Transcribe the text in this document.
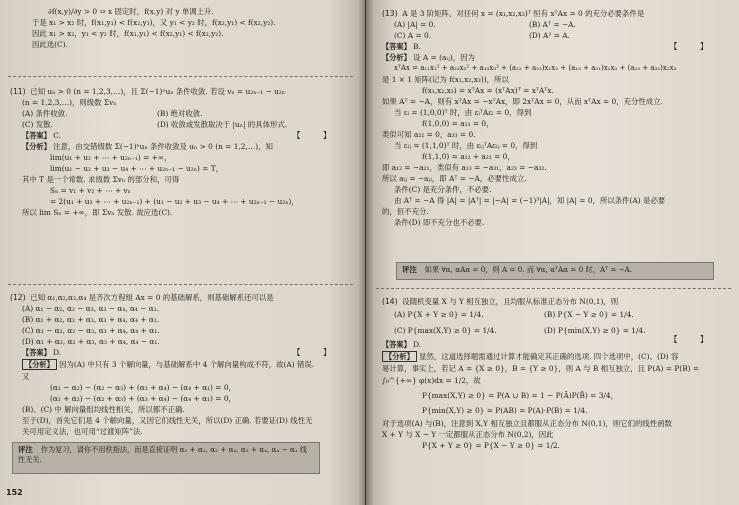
∂f(x,y)/∂y > 0 ⇒ x 固定时，f(x,y) 对 y 单调上升.
于是 x₁ > x₂ 时，f(x₁,y₁) < f(x₂,y₁)，又 y₁ < y₂ 时，f(x₂,y₁) < f(x₂,y₂).
因此 x₁ > x₂，y₁ < y₂ 时，f(x₁,y₁) < f(x₂,y₁) < f(x₂,y₂).
因此选(C).
(11) 已知 uₙ > 0 (n = 1,2,3,…)，且 Σ(−1)ⁿuₙ 条件收敛. 若设 vₙ = u₂ₙ₋₁ − u₂ₙ
(n = 1,2,3,…)，则级数 Σvₙ
(A) 条件收敛.	(B) 绝对收敛.
(C) 发散.	(D) 收敛或发散取决于 |uₙ| 的具体形式.
【 】
【答案】 C.
【分析】 注意，由交错级数 Σ(−1)ⁿuₙ 条件收敛及 uₙ > 0 (n = 1,2,…)，知
lim(u₁ + u₂ + ⋯ + u₂ₙ₋₁) = +∞，
lim(u₁ − u₂ + u₃ − u₄ + ⋯ + u₂ₙ₋₁ − u₂ₙ) = T，
其中 T 是一个常数. 求级数 Σvₙ 的部分和，可得
Sₙ = v₁ + v₂ + ⋯ + vₙ
= 2(u₁ + u₃ + ⋯ + u₂ₙ₋₁) + (u₁ − u₂ + u₃ − u₄ + ⋯ + u₂ₙ₋₁ − u₂ₙ)，
所以 lim Sₙ = +∞，即 Σvₙ 发散. 故应选(C).
(12) 已知 α₁,α₂,α₃,α₄ 是齐次方程组 Ax = 0 的基础解系，则基础解系还可以是
(A) α₁ − α₂, α₂ − α₃, α₃ − α₄, α₄ − α₁.
(B) α₁ + α₂, α₂ + α₃, α₃ + α₄, α₄ + α₁.
(C) α₁ − α₂, α₂ − α₃, α₃ + α₄, α₄ + α₁.
(D) α₁ + α₂, α₂ + α₃, α₃ + α₄, α₄ − α₁.
【 】
【答案】 D.
【分析】 因为(A) 中只有 3 个解向量，与基础解系中 4 个解向量构成不符，故(A) 错误.
又
(α₁ − α₂) − (α₂ − α₃) + (α₃ + α₄) − (α₄ + α₁) = 0，
(α₁ + α₂) − (α₂ + α₃) + (α₃ + α₄) − (α₄ + α₁) = 0，
(B)、(C) 中 解向量组均线性相关，所以都不正确.
至于(D)，首先它们是 4 个解向量，又因它们线性无关，所以(D) 正确. 若要证(D) 线性无
关可用定义法，也可用“过渡矩阵”法.
评注 作为复习，请你不用秩指法，而是直接证明 α₁ + α₂, α₂ + α₃, α₃ + α₄, α₄ − α₁ 线
性无关.
152
(13) A 是 3 阶矩阵，对任何 x = (x₁,x₂,x₃)ᵀ 恒有 xᵀAx = 0 的充分必要条件是
(A) |A| = 0.	(B) Aᵀ = −A.
(C) A = 0.	(D) A² = A.
【 】
【答案】 B.
【分析】 设 A = (aᵢⱼ)，因为
xᵀAx = a₁₁x₁² + a₂₂x₂² + a₃₃x₃² + (a₁₂ + a₂₁)x₁x₂ + (a₁₃ + a₃₁)x₁x₃ + (a₂₃ + a₃₂)x₂x₃
是 1 × 1 矩阵(记为 f(x₁,x₂,x₃))，所以
f(x₁,x₂,x₃) = xᵀAx = (xᵀAx)ᵀ = xᵀAᵀx.
如果 Aᵀ = −A，则有 xᵀAx = −xᵀAx，即 2xᵀAx = 0，从而 xᵀAx = 0，充分性成立.
当 εᵢ = (1,0,0)ᵀ 时，由 εᵢᵀAεᵢ = 0，得到
f(1,0,0) = a₁₁ = 0，
类似可知 a₂₂ = 0，a₃₃ = 0.
当 εᵢⱼ = (1,1,0)ᵀ 时，由 εᵢⱼᵀAεᵢⱼ = 0，得到
f(1,1,0) = a₁₂ + a₂₁ = 0，
即 a₁₂ = −a₂₁，类似有 a₁₃ = −a₃₁，a₂₃ = −a₃₂.
所以 aᵢⱼ = −aⱼᵢ，即 Aᵀ = −A，必要性成立.
条件(C) 是充分条件，不必要.
由 Aᵀ = −A 得 |A| = |Aᵀ| = |−A| = (−1)³|A|，知 |A| = 0，所以条件(A) 是必要
的，但不充分.
条件(D) 即不充分也不必要.
评注 如果 ∀α, αAα = 0，则 A = 0. 而 ∀α, αᵀAα = 0 时，Aᵀ = −A.
(14) 设随机变量 X 与 Y 相互独立，且均服从标准正态分布 N(0,1)，则
(A) P{X + Y ≥ 0} = 1/4.	(B) P{X − Y ≥ 0} = 1/4.
(C) P{max(X,Y) ≥ 0} = 1/4.	(D) P{min(X,Y) ≥ 0} = 1/4.
【 】
【答案】 D.
【分析】 显然，这道选择题需通过计算才能确定其正确的选项. 四个选项中，(C)、(D) 容
易计算，事实上，若记 A = {X ≥ 0}，B = {Y ≥ 0}，则 A 与 B 相互独立，且 P(A) = P(B) =
∫₀^{+∞} φ(x)dx = 1/2，故
P{max(X,Y) ≥ 0} = P(A ∪ B) = 1 − P(Ā)P(B̄) = 3/4，
P{min(X,Y) ≥ 0} = P(AB) = P(A)·P(B) = 1/4.
对于选项(A) 与(B)，注意到 X,Y 相互独立且都服从正态分布 N(0,1)，则它们的线性函数
X + Y 与 X − Y 一定都服从正态分布 N(0,2)，因此
P{X + Y ≥ 0} = P{X − Y ≥ 0} = 1/2.
